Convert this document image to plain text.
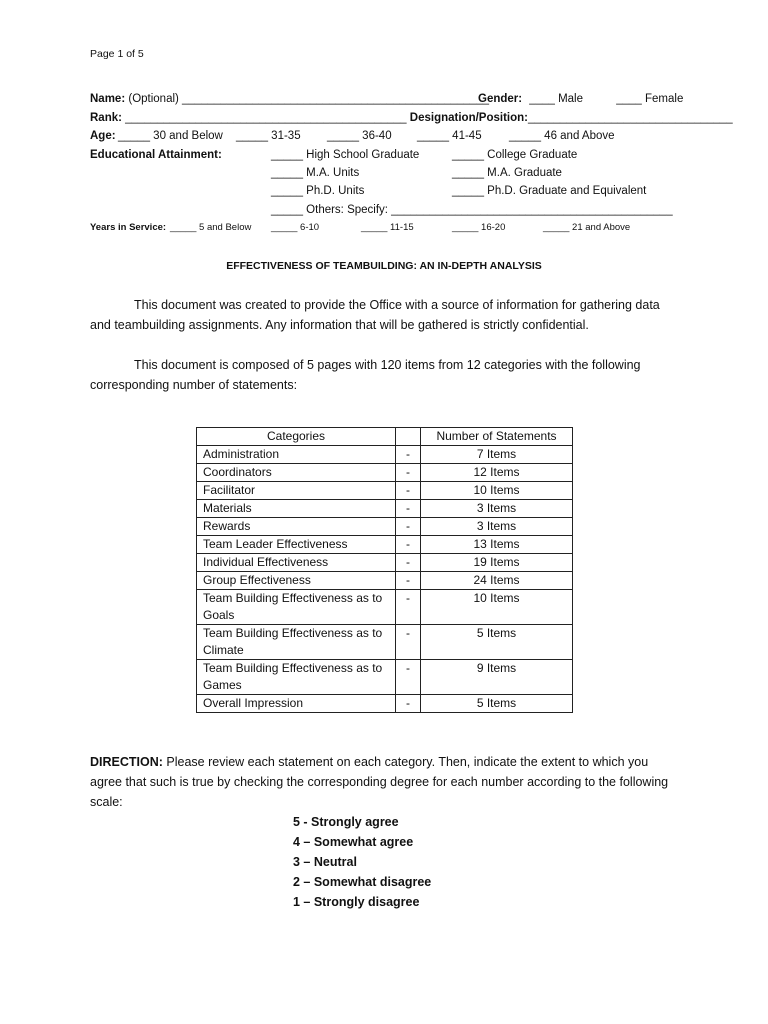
Page 1 of 5
Name: (Optional) ________________________________________________
Gender: ____ Male	____ Female
Rank: ____________________________________________ Designation/Position:________________________________
Age: _____ 30 and Below _____ 31-35 _____ 36-40 _____ 41-45 _____ 46 and Above
Educational Attainment:	_____ High School Graduate	_____ College Graduate
_____ M.A. Units	_____ M.A. Graduate
_____ Ph.D. Units	_____ Ph.D. Graduate and Equivalent
_____ Others: Specify: ____________________________________________
Years in Service: _____ 5 and Below _____ 6-10	_____ 11-15	_____ 16-20	_____ 21 and Above
EFFECTIVENESS OF TEAMBUILDING: AN IN-DEPTH ANALYSIS
This document was created to provide the Office with a source of information for gathering data and teambuilding assignments. Any information that will be gathered is strictly confidential.
This document is composed of 5 pages with 120 items from 12 categories with the following corresponding number of statements:
Categories		Number of Statements
Administration	-	7 Items
Coordinators	-	12 Items
Facilitator	-	10 Items
Materials	-	3 Items
Rewards	-	3 Items
Team Leader Effectiveness	-	13 Items
Individual Effectiveness	-	19 Items
Group Effectiveness	-	24 Items
Team Building Effectiveness as to Goals	-	10 Items
Team Building Effectiveness as to Climate	-	5 Items
Team Building Effectiveness as to Games	-	9 Items
Overall Impression	-	5 Items
DIRECTION: Please review each statement on each category. Then, indicate the extent to which you agree that such is true by checking the corresponding degree for each number according to the following scale:
5 - Strongly agree
4 – Somewhat agree
3 – Neutral
2 – Somewhat disagree
1 – Strongly disagree
